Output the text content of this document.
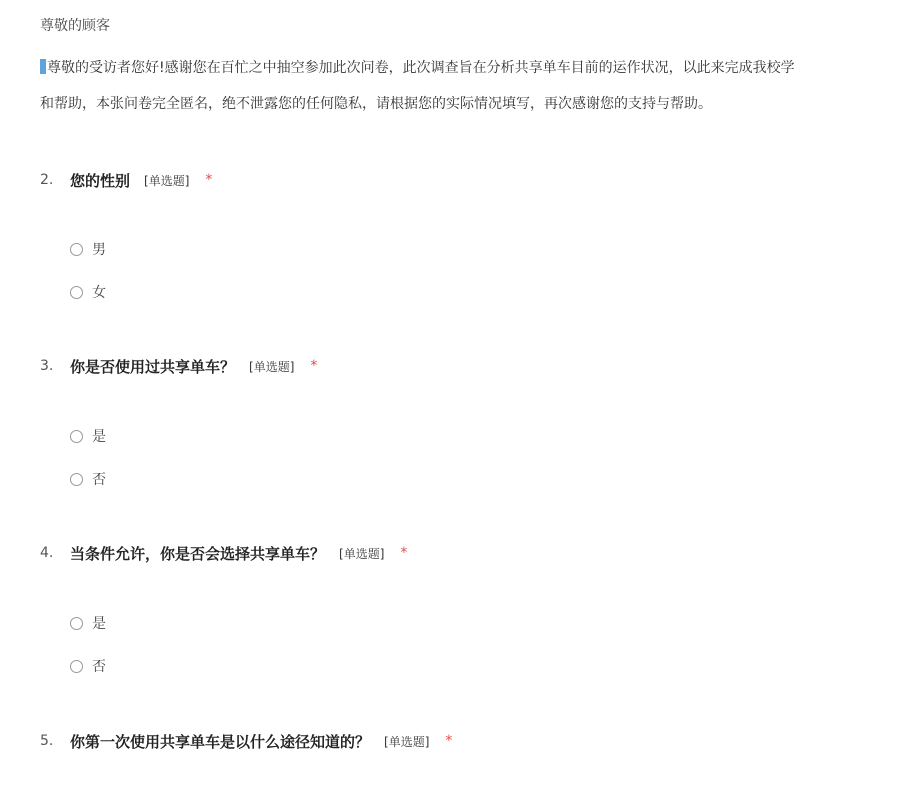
尊敬的顾客
尊敬的受访者您好!感谢您在百忙之中抽空参加此次问卷，此次调查旨在分析共享单车目前的运作状况，以此来完成我校学
和帮助，本张问卷完全匿名，绝不泄露您的任何隐私，请根据您的实际情况填写，再次感谢您的支持与帮助。
2.	您的性别 [单选题] *
男
女
3.	你是否使用过共享单车？ [单选题] *
是
否
4.	当条件允许，你是否会选择共享单车？ [单选题] *
是
否
5.	你第一次使用共享单车是以什么途径知道的？ [单选题] *
